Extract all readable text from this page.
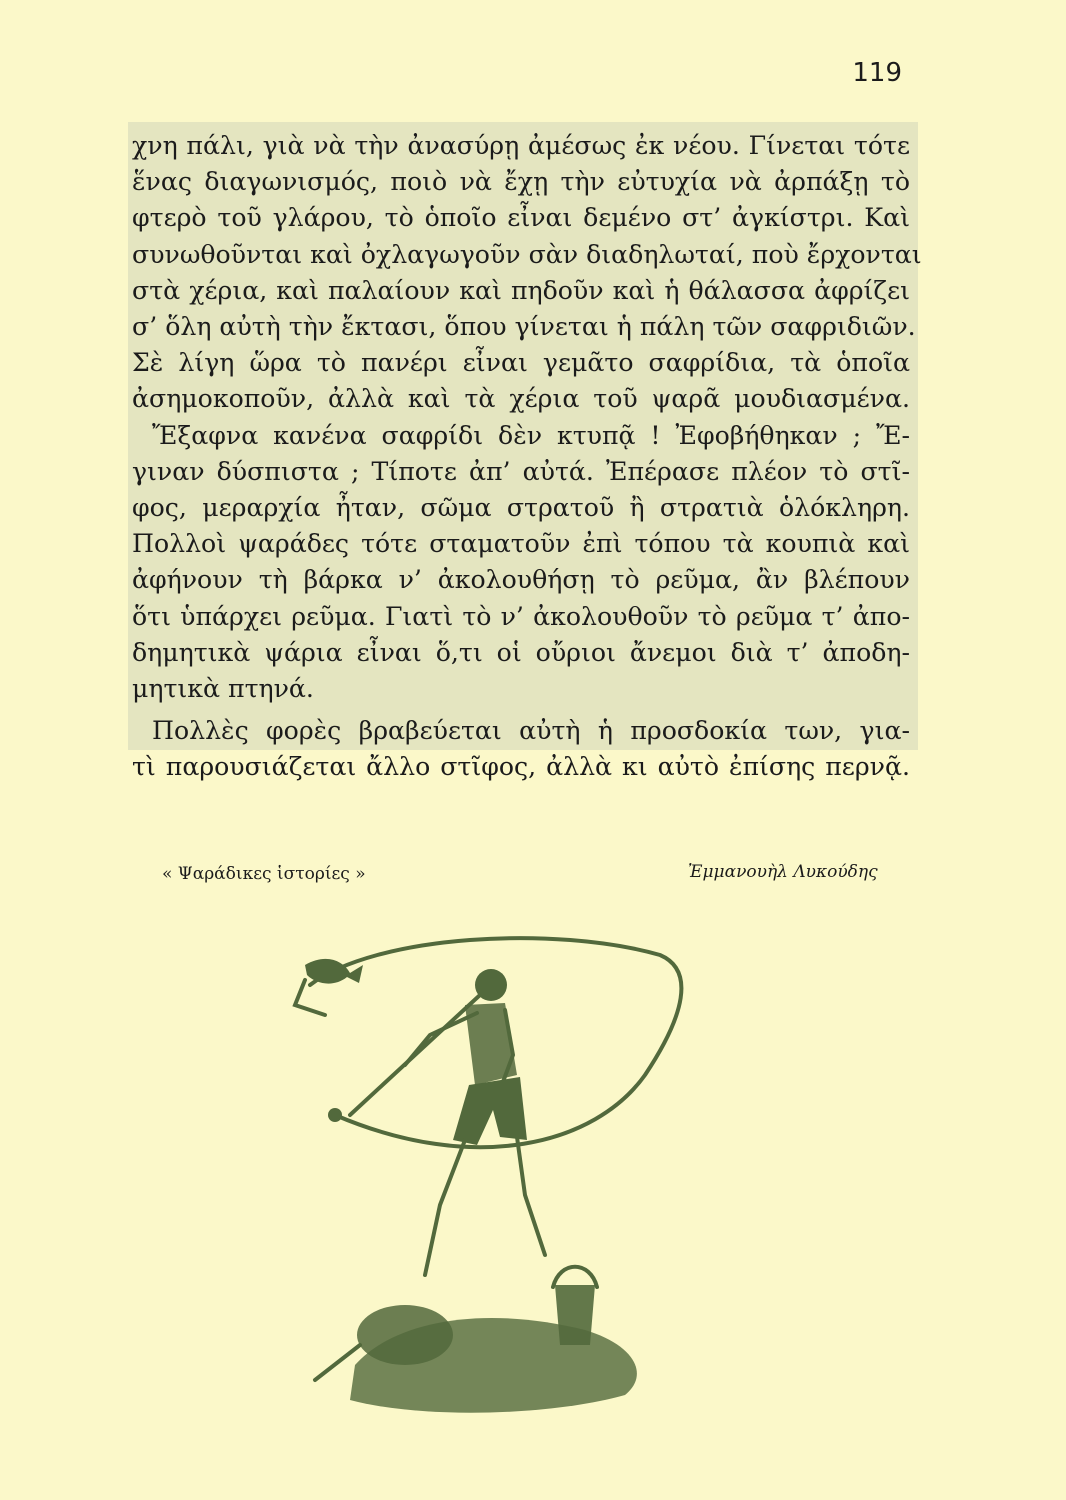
119
χνη πάλι, γιὰ νὰ τὴν ἀνασύρῃ ἀμέσως ἐκ νέου. Γίνεται τότε
ἕνας διαγωνισμός, ποιὸ νὰ ἔχῃ τὴν εὐτυχία νὰ ἀρπάξῃ τὸ
φτερὸ τοῦ γλάρου, τὸ ὁποῖο εἶναι δεμένο στ’ ἀγκίστρι. Καὶ
συνωθοῦνται καὶ ὀχλαγωγοῦν σὰν διαδηλωταί, ποὺ ἔρχονται
στὰ χέρια, καὶ παλαίουν καὶ πηδοῦν καὶ ἡ θάλασσα ἀφρίζει
σ’ ὅλη αὐτὴ τὴν ἔκτασι, ὅπου γίνεται ἡ πάλη τῶν σαφριδιῶν.
Σὲ λίγη ὥρα τὸ πανέρι εἶναι γεμᾶτο σαφρίδια, τὰ ὁποῖα
ἀσημοκοποῦν, ἀλλὰ καὶ τὰ χέρια τοῦ ψαρᾶ μουδιασμένα.
Ἔξαφνα κανένα σαφρίδι δὲν κτυπᾷ ! Ἐφοβήθηκαν ; Ἔ-
γιναν δύσπιστα ; Τίποτε ἀπ’ αὐτά. Ἐπέρασε πλέον τὸ στῖ-
φος, μεραρχία ἦταν, σῶμα στρατοῦ ἢ στρατιὰ ὁλόκληρη.
Πολλοὶ ψαράδες τότε σταματοῦν ἐπὶ τόπου τὰ κουπιὰ καὶ
ἀφήνουν τὴ βάρκα ν’ ἀκολουθήσῃ τὸ ρεῦμα, ἂν βλέπουν
ὅτι ὑπάρχει ρεῦμα. Γιατὶ τὸ ν’ ἀκολουθοῦν τὸ ρεῦμα τ’ ἀπο-
δημητικὰ ψάρια εἶναι ὅ,τι οἱ οὔριοι ἄνεμοι διὰ τ’ ἀποδη-
μητικὰ πτηνά.
Πολλὲς φορὲς βραβεύεται αὐτὴ ἡ προσδοκία των, για-
τὶ παρουσιάζεται ἄλλο στῖφος, ἀλλὰ κι αὐτὸ ἐπίσης περνᾷ.
« Ψαράδικες ἱστορίες »	Ἐμμανουὴλ Λυκούδης
